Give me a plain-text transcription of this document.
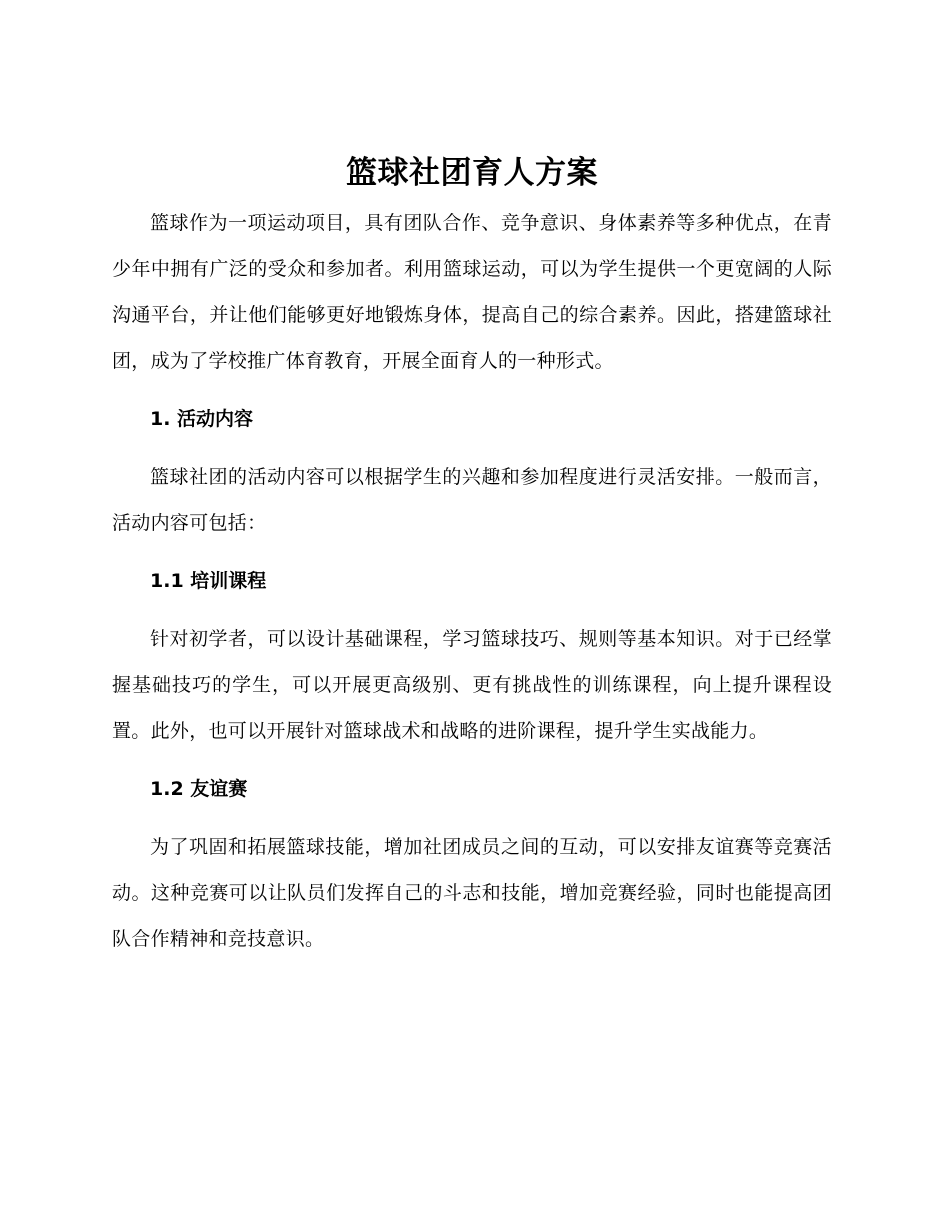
篮球社团育人方案

篮球作为一项运动项目，具有团队合作、竞争意识、身体素养等多种优点，在青少年中拥有广泛的受众和参加者。利用篮球运动，可以为学生提供一个更宽阔的人际沟通平台，并让他们能够更好地锻炼身体，提高自己的综合素养。因此，搭建篮球社团，成为了学校推广体育教育，开展全面育人的一种形式。

1. 活动内容

篮球社团的活动内容可以根据学生的兴趣和参加程度进行灵活安排。一般而言，活动内容可包括：

1.1 培训课程

针对初学者，可以设计基础课程，学习篮球技巧、规则等基本知识。对于已经掌握基础技巧的学生，可以开展更高级别、更有挑战性的训练课程，向上提升课程设置。此外，也可以开展针对篮球战术和战略的进阶课程，提升学生实战能力。

1.2 友谊赛

为了巩固和拓展篮球技能，增加社团成员之间的互动，可以安排友谊赛等竞赛活动。这种竞赛可以让队员们发挥自己的斗志和技能，增加竞赛经验，同时也能提高团队合作精神和竞技意识。
